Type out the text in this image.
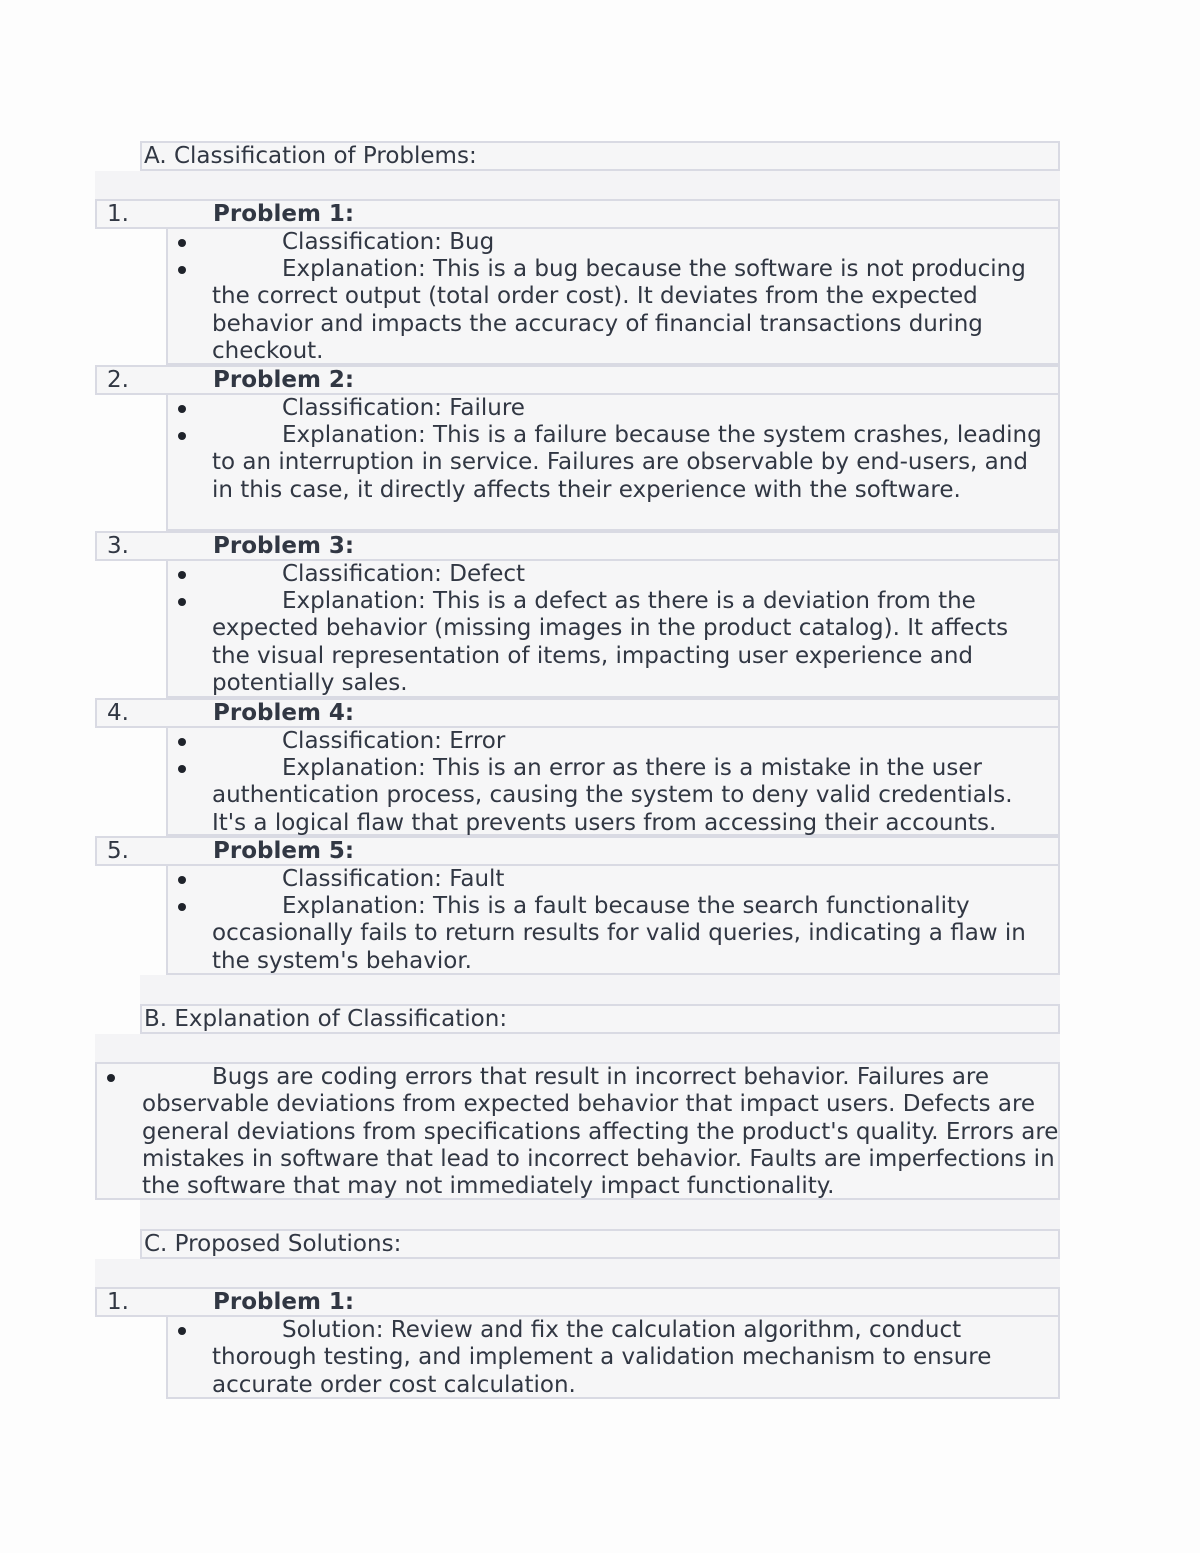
A. Classification of Problems:
1.	Problem 1:

Classification: Bug

Explanation: This is a bug because the software is not producing the correct output (total order cost). It deviates from the expected behavior and impacts the accuracy of financial transactions during checkout.

2.	Problem 2:

Classification: Failure

Explanation: This is a failure because the system crashes, leading to an interruption in service. Failures are observable by end-users, and in this case, it directly affects their experience with the software.

3.	Problem 3:

Classification: Defect

Explanation: This is a defect as there is a deviation from the expected behavior (missing images in the product catalog). It affects the visual representation of items, impacting user experience and potentially sales.

4.	Problem 4:

Classification: Error

Explanation: This is an error as there is a mistake in the user authentication process, causing the system to deny valid credentials. It's a logical flaw that prevents users from accessing their accounts.

5.	Problem 5:

Classification: Fault

Explanation: This is a fault because the search functionality occasionally fails to return results for valid queries, indicating a flaw in the system's behavior.

B. Explanation of Classification:

Bugs are coding errors that result in incorrect behavior. Failures are observable deviations from expected behavior that impact users. Defects are general deviations from specifications affecting the product's quality. Errors are mistakes in software that lead to incorrect behavior. Faults are imperfections in the software that may not immediately impact functionality.

C. Proposed Solutions:
1.	Problem 1:

Solution: Review and fix the calculation algorithm, conduct thorough testing, and implement a validation mechanism to ensure accurate order cost calculation.
